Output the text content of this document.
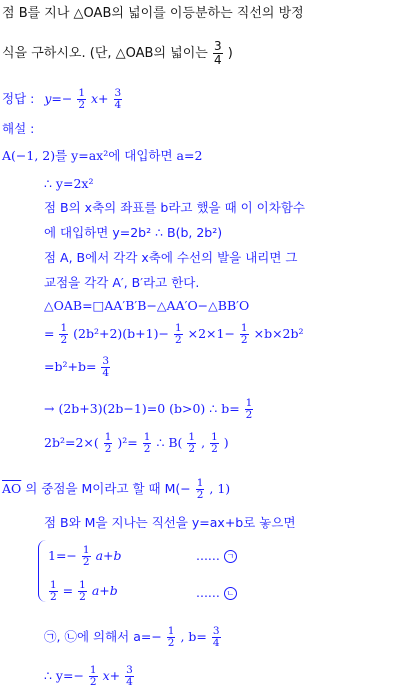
점 B를 지나 △OAB의 넓이를 이등분하는 직선의 방정
식을 구하시오. (단, △OAB의 넓이는 $\frac{3}{4}$ )
정답 : $y=- \frac{1}{2} x+ \frac{3}{4}$
해설 :
A(−1, 2)를 y=ax²에 대입하면 a=2
∴ y=2x²
점 B의 x축의 좌표를 b라고 했을 때 이 이차함수
에 대입하면 y=2b² ∴ B(b, 2b²)
점 A, B에서 각각 x축에 수선의 발을 내리면 그
교점을 각각 A′, B′라고 한다.
△OAB=□AA′B′B−△AA′O−△BB′O
= $\frac{1}{2} (2b^2+2)(b+1)- \frac{1}{2} \times 2\times 1- \frac{1}{2} \times b\times 2b^2$
$=b^2+b= \frac{3}{4}$
→ (2b+3)(2b−1)=0 (b>0) ∴ $b= \frac{1}{2}$
$2b^2=2\times( \frac{1}{2} )^2= \frac{1}{2}$ ∴ $B( \frac{1}{2}$ , $\frac{1}{2}$ )
$\overline{AO}$ 의 중점을 M이라고 할 때 $M(- \frac{1}{2}$ , 1)
점 B와 M을 지나는 직선을 y=ax+b로 놓으면
$1=- \frac{1}{2} a+b$	...... ㄱ
$\frac{1}{2} = \frac{1}{2} a+b$	...... ㄴ
㉠, ㉡에 의해서 $a=- \frac{1}{2}$ , $b= \frac{3}{4}$
∴ $y=- \frac{1}{2} x+ \frac{3}{4}$
